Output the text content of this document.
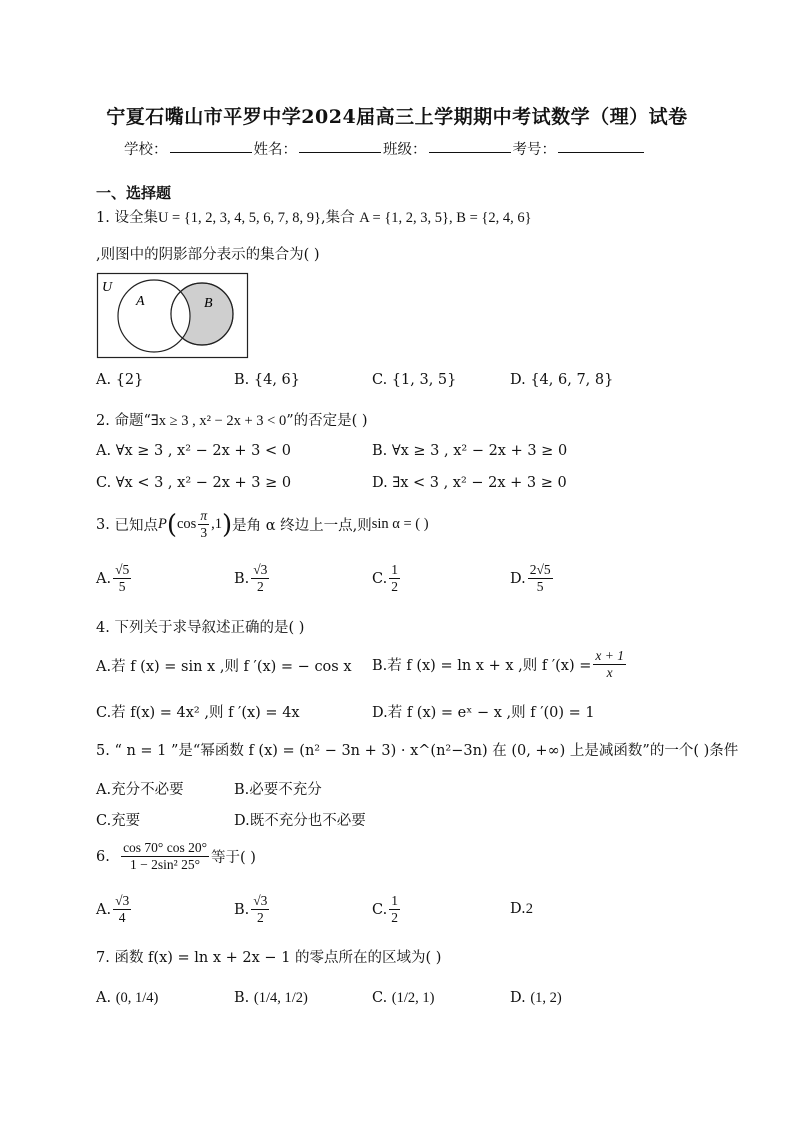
宁夏石嘴山市平罗中学2024届高三上学期期中考试数学（理）试卷
学校：	姓名：	班级：	考号：
一、选择题
1. 设全集U = {1, 2, 3, 4, 5, 6, 7, 8, 9},集合 A = {1, 2, 3, 5}, B = {2, 4, 6}
,则图中的阴影部分表示的集合为( )
U
A	B
A. {2}	B. {4, 6}	C. {1, 3, 5}	D. {4, 6, 7, 8}
2. 命题“∃x ≥ 3 , x² − 2x + 3 < 0”的否定是( )
A. ∀x ≥ 3 , x² − 2x + 3 < 0	B. ∀x ≥ 3 , x² − 2x + 3 ≥ 0
C. ∀x < 3 , x² − 2x + 3 ≥ 0	D. ∃x < 3 , x² − 2x + 3 ≥ 0
3.
已知点 P ( $\cos \frac{\pi}{3} ,1$ ) 是角 α 终边上一点,则 sin α = ( )
A. $\frac{√5}{5}$	B. $\frac{√3}{2}$	C. $\frac{1}{2}$	D. $\frac{2√5}{5}$
4. 下列关于求导叙述正确的是( )
A.若 f (x) = sin x ,则 f ′(x) = − cos x B.若 f (x) = ln x + x ,则 f $'(x) = \frac{x + 1}{x}$
C.若 f(x) = 4x² ,则 f ′(x) = 4x	D.若 f (x) = eˣ − x ,则 f ′(0) = 1
5. “ n = 1 ”是“幂函数 f (x) = (n² − 3n + 3) · x^(n²−3n) 在 (0, +∞) 上是减函数”的一个( )条件
A.充分不必要	B.必要不充分
C.充要	D.既不充分也不必要
6.
$\frac{\cos 70^\circ \cos 20^\circ}{\text{1 − 2sin² 25°}}$ 等于( )
A. $\frac{√3}{4}$	B. $\frac{√3}{2}$	C. $\frac{1}{2}$	D.2
7. 函数 f(x) = ln x + 2x − 1 的零点所在的区域为( )
A. (0, 1/4)	B. (1/4, 1/2)	C. (1/2, 1)	D. (1, 2)
